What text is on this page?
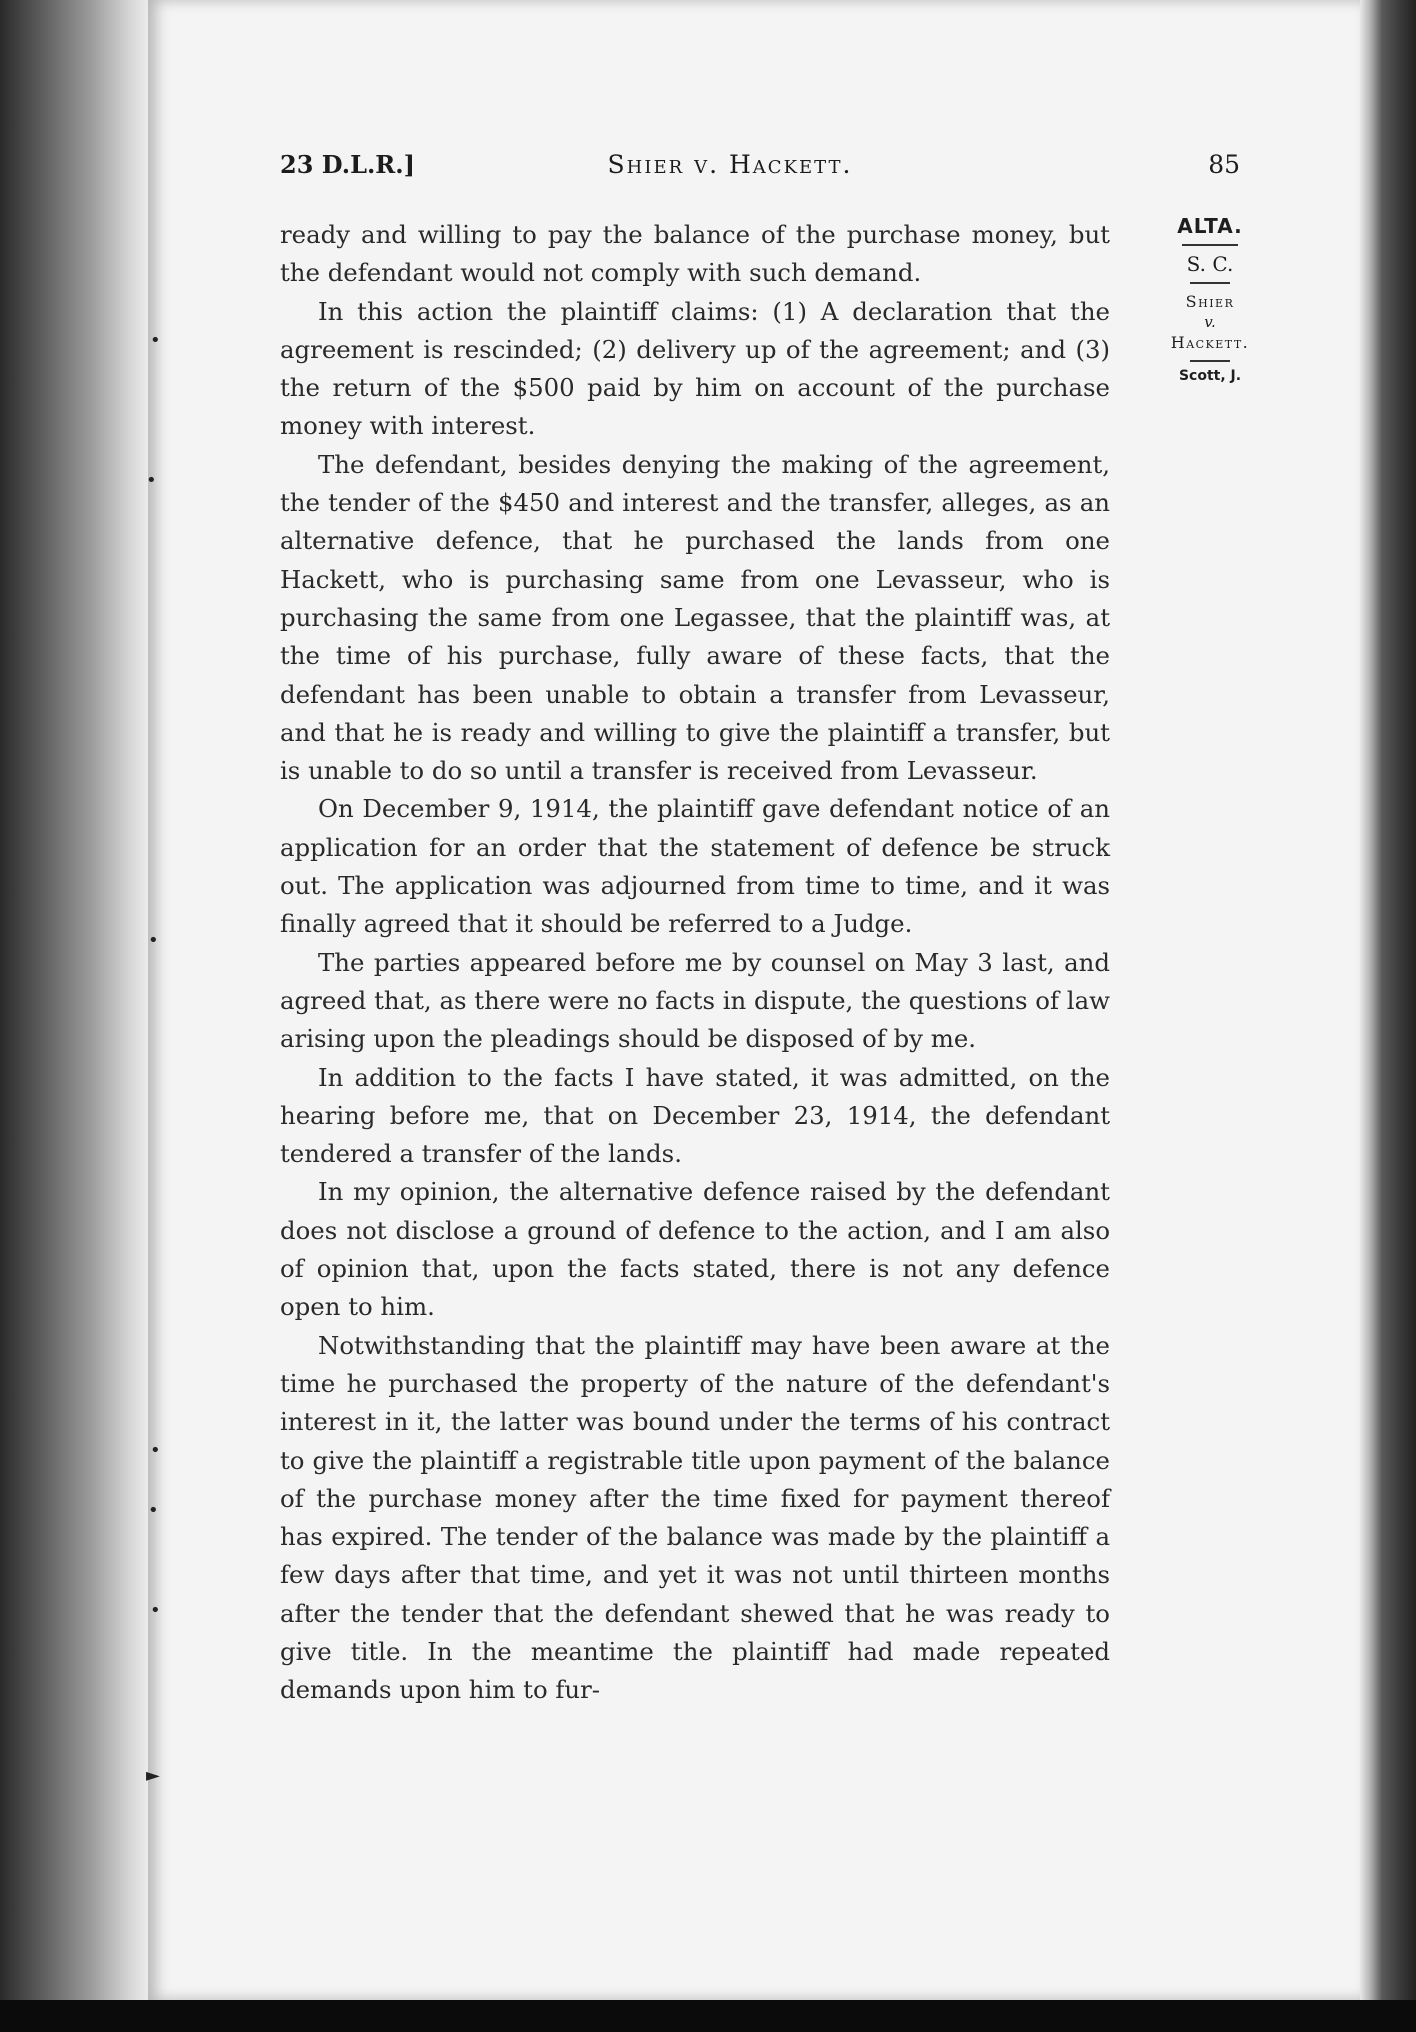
•
•
•
•
•
•
►
23 D.L.R.]	Shier v. Hackett.	85
ALTA.
S. C.
Shier
v.
Hackett.
Scott, J.

ready and willing to pay the balance of the purchase money, but the defendant would not comply with such demand.

In this action the plaintiff claims: (1) A declaration that the agreement is rescinded; (2) delivery up of the agreement; and (3) the return of the $500 paid by him on account of the purchase money with interest.

The defendant, besides denying the making of the agreement, the tender of the $450 and interest and the transfer, alleges, as an alternative defence, that he purchased the lands from one Hackett, who is purchasing same from one Levasseur, who is purchasing the same from one Legassee, that the plaintiff was, at the time of his purchase, fully aware of these facts, that the defendant has been unable to obtain a transfer from Levasseur, and that he is ready and willing to give the plaintiff a transfer, but is unable to do so until a transfer is received from Levasseur.

On December 9, 1914, the plaintiff gave defendant notice of an application for an order that the statement of defence be struck out. The application was adjourned from time to time, and it was finally agreed that it should be referred to a Judge.

The parties appeared before me by counsel on May 3 last, and agreed that, as there were no facts in dispute, the questions of law arising upon the pleadings should be disposed of by me.

In addition to the facts I have stated, it was admitted, on the hearing before me, that on December 23, 1914, the defendant tendered a transfer of the lands.

In my opinion, the alternative defence raised by the defendant does not disclose a ground of defence to the action, and I am also of opinion that, upon the facts stated, there is not any defence open to him.

Notwithstanding that the plaintiff may have been aware at the time he purchased the property of the nature of the defendant's interest in it, the latter was bound under the terms of his contract to give the plaintiff a registrable title upon payment of the balance of the purchase money after the time fixed for payment thereof has expired. The tender of the balance was made by the plaintiff a few days after that time, and yet it was not until thirteen months after the tender that the defendant shewed that he was ready to give title. In the meantime the plaintiff had made repeated demands upon him to fur-
